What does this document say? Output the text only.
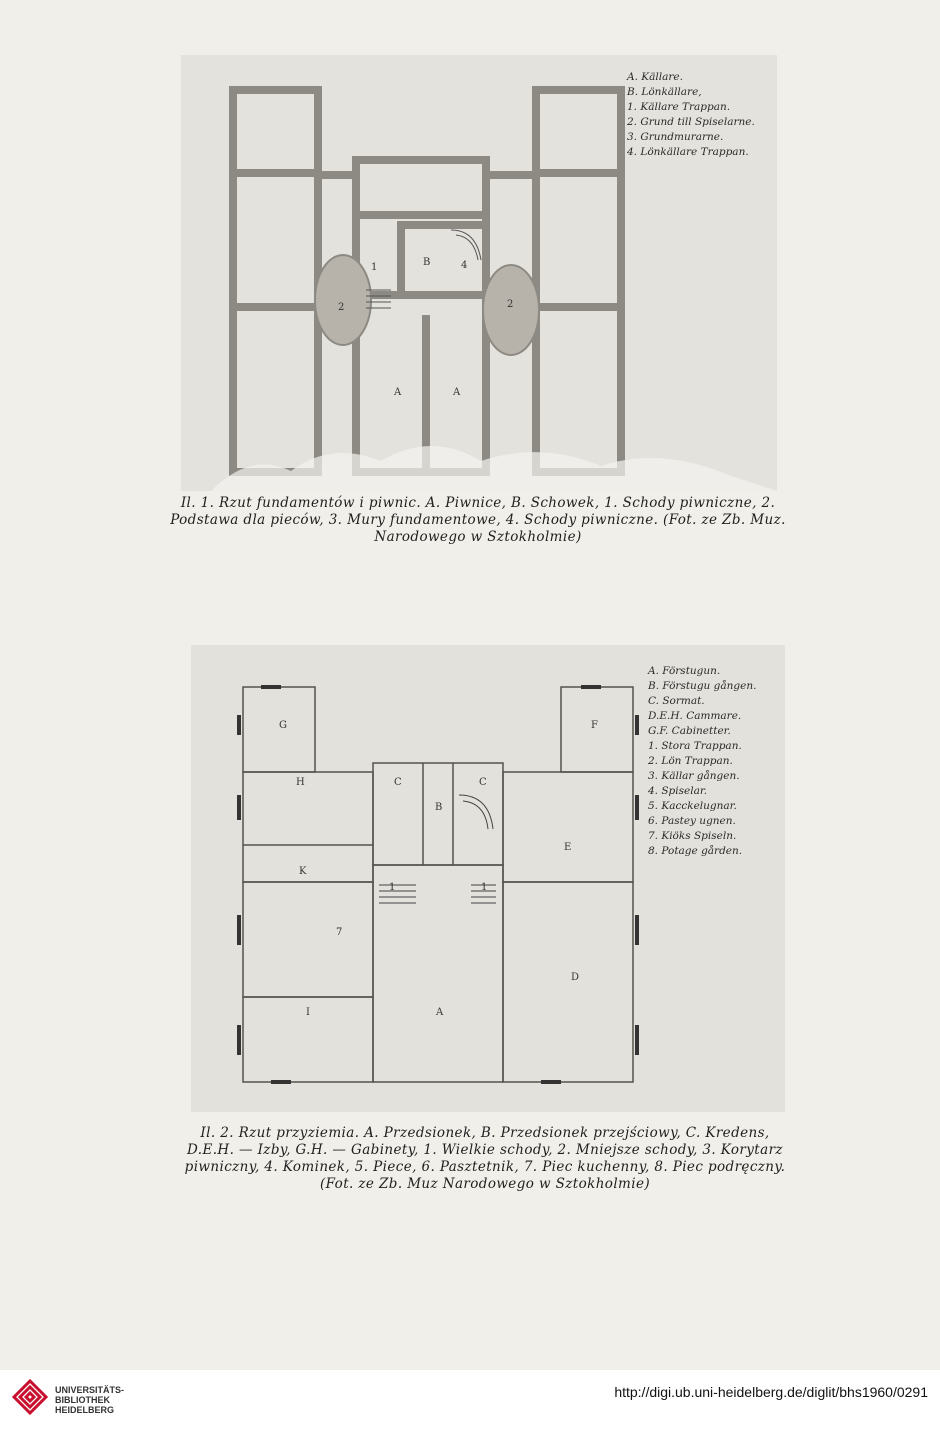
A	A
B
1
2	2
4
A. Källare.
B. Lönkällare,
1. Källare Trappan.
2. Grund till Spiselarne.
3. Grundmurarne.
4. Lönkällare Trappan.
Il. 1. Rzut fundamentów i piwnic. A. Piwnice, B. Schowek, 1. Schody piwniczne, 2. Podstawa dla pieców, 3. Mury fundamentowe, 4. Schody piwniczne. (Fot. ze Zb. Muz. Narodowego w Sztokholmie)
A
B
C	C
D
E
F
G
H
I
K
1	1
7
A. Förstugun.
B. Förstugu gången.
C. Sormat.
D.E.H. Cammare.
G.F. Cabinetter.
1. Stora Trappan.
2. Lön Trappan.
3. Källar gången.
4. Spiselar.
5. Kacckelugnar.
6. Pastey ugnen.
7. Kiöks Spiseln.
8. Potage gården.
Il. 2. Rzut przyziemia. A. Przedsionek, B. Przedsionek przejściowy, C. Kredens, D.E.H. — Izby, G.H. — Gabinety, 1. Wielkie schody, 2. Mniejsze schody, 3. Korytarz piwniczny, 4. Kominek, 5. Piece, 6. Pasztetnik, 7. Piec kuchenny, 8. Piec podręczny. (Fot. ze Zb. Muz Narodowego w Sztokholmie)
UNIVERSITÄTS-
BIBLIOTHEK
HEIDELBERG
http://digi.ub.uni-heidelberg.de/diglit/bhs1960/0291
